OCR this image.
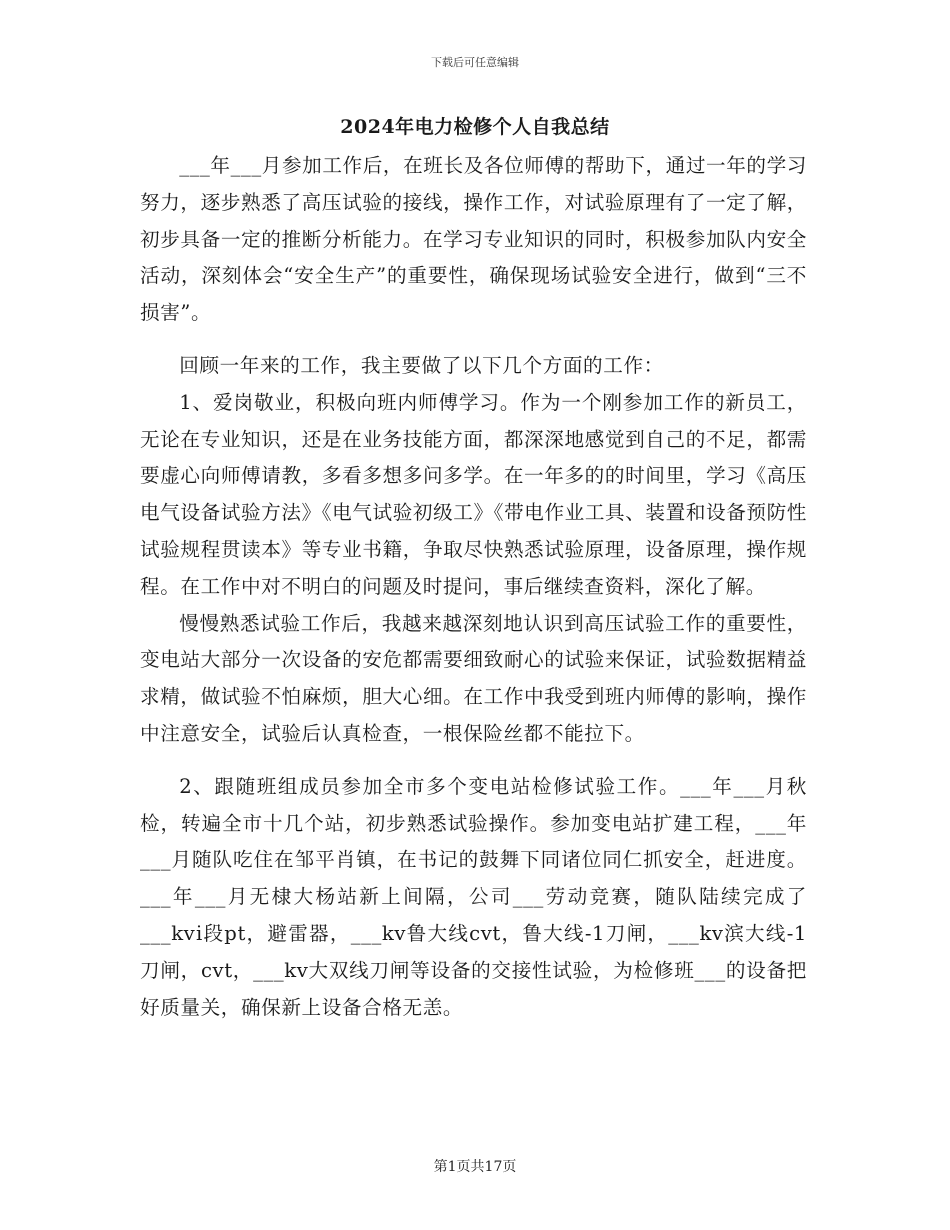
下载后可任意编辑
2024年电力检修个人自我总结

___年___月参加工作后，在班长及各位师傅的帮助下，通过一年的学习努力，逐步熟悉了高压试验的接线，操作工作，对试验原理有了一定了解，初步具备一定的推断分析能力。在学习专业知识的同时，积极参加队内安全活动，深刻体会“安全生产”的重要性，确保现场试验安全进行，做到“三不损害”。

回顾一年来的工作，我主要做了以下几个方面的工作：

1、爱岗敬业，积极向班内师傅学习。作为一个刚参加工作的新员工，无论在专业知识，还是在业务技能方面，都深深地感觉到自己的不足，都需要虚心向师傅请教，多看多想多问多学。在一年多的的时间里，学习《高压电气设备试验方法》《电气试验初级工》《带电作业工具、装置和设备预防性试验规程贯读本》等专业书籍，争取尽快熟悉试验原理，设备原理，操作规程。在工作中对不明白的问题及时提问，事后继续查资料，深化了解。

慢慢熟悉试验工作后，我越来越深刻地认识到高压试验工作的重要性，变电站大部分一次设备的安危都需要细致耐心的试验来保证，试验数据精益求精，做试验不怕麻烦，胆大心细。在工作中我受到班内师傅的影响，操作中注意安全，试验后认真检查，一根保险丝都不能拉下。

2、跟随班组成员参加全市多个变电站检修试验工作。___年___月秋检，转遍全市十几个站，初步熟悉试验操作。参加变电站扩建工程，___年___月随队吃住在邹平肖镇，在书记的鼓舞下同诸位同仁抓安全，赶进度。___年___月无棣大杨站新上间隔，公司___劳动竞赛，随队陆续完成了___kvⅰ段pt，避雷器，___kv鲁大线cvt，鲁大线-1刀闸，___kv滨大线-1刀闸，cvt，___kv大双线刀闸等设备的交接性试验，为检修班___的设备把好质量关，确保新上设备合格无恙。

第1页共17页
